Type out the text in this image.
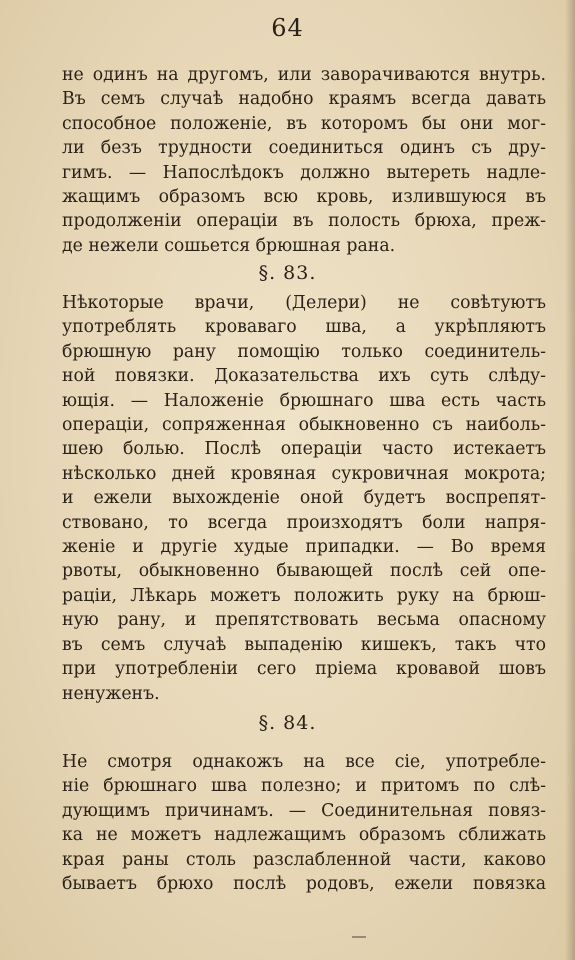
64
не одинъ на другомъ, или заворачиваются внутрь.
Въ семъ случаѣ надобно краямъ всегда давать
способное положеніе, въ которомъ бы они мог-
ли безъ трудности соединиться одинъ съ дру-
гимъ. — Напослѣдокъ должно вытереть надле-
жащимъ образомъ всю кровь, излившуюся въ
продолженіи операціи въ полость брюха, преж-
де нежели сошьется брюшная рана.
§. 83.
Нѣкоторые врачи, (Делери) не совѣтуютъ
употреблять кроваваго шва, а укрѣпляютъ
брюшную рану помощію только соединитель-
ной повязки. Доказательства ихъ суть слѣду-
ющія. — Наложеніе брюшнаго шва есть часть
операціи, сопряженная обыкновенно съ наиболь-
шею болью. Послѣ операціи часто истекаетъ
нѣсколько дней кровяная сукровичная мокрота;
и ежели выхожденіе оной будетъ воспрепят-
ствовано, то всегда произходятъ боли напря-
женіе и другіе худые припадки. — Во время
рвоты, обыкновенно бывающей послѣ сей опе-
раціи, Лѣкарь можетъ положить руку на брюш-
ную рану, и препятствовать весьма опасному
въ семъ случаѣ выпаденію кишекъ, такъ что
при употребленіи сего пріема кровавой шовъ
ненуженъ.
§. 84.
Не смотря однакожъ на все сіе, употребле-
ніе брюшнаго шва полезно; и притомъ по слѣ-
дующимъ причинамъ. — Соединительная повяз-
ка не можетъ надлежащимъ образомъ сближать
края раны столь разслабленной части, каково
бываетъ брюхо послѣ родовъ, ежели повязка
